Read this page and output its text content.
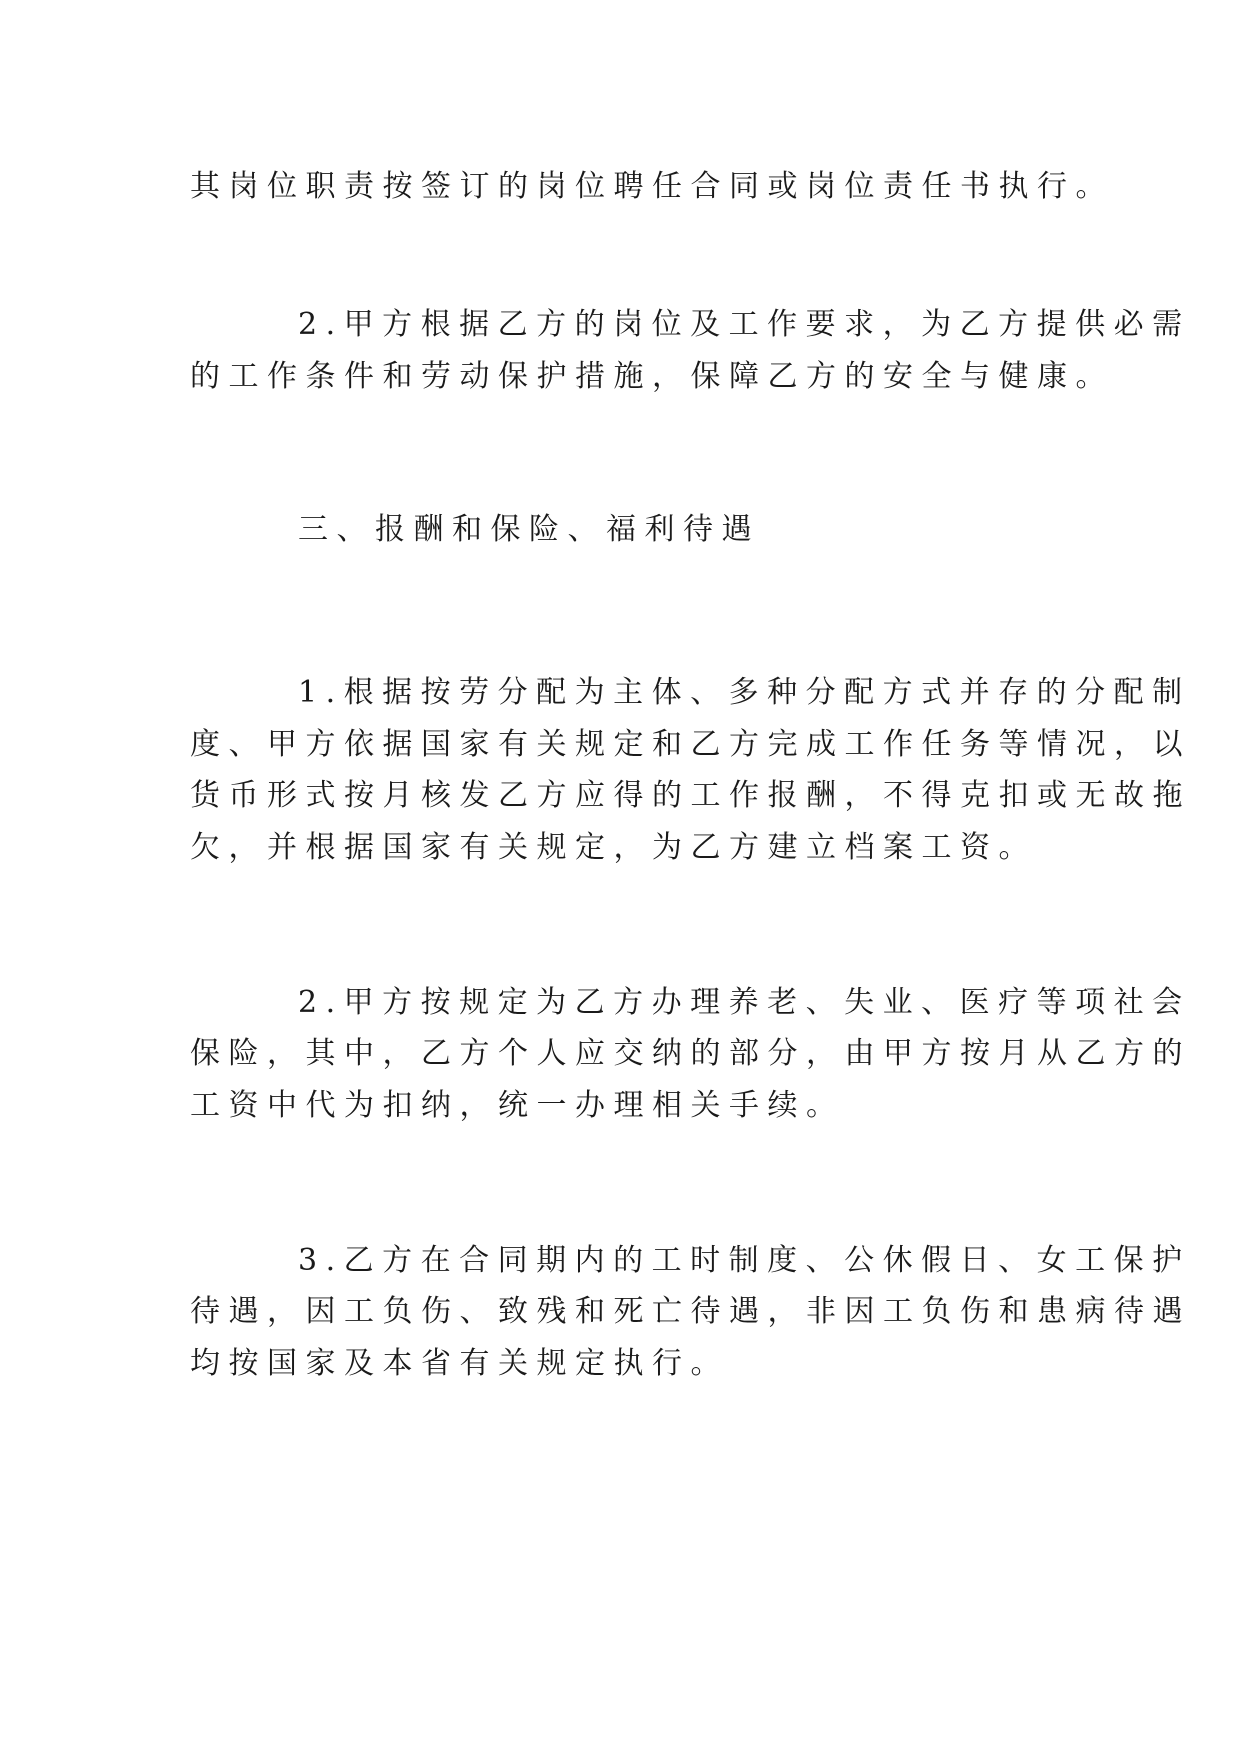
其岗位职责按签订的岗位聘任合同或岗位责任书执行。

2.甲方根据乙方的岗位及工作要求，为乙方提供必需

的工作条件和劳动保护措施，保障乙方的安全与健康。

三、报酬和保险、福利待遇

1.根据按劳分配为主体、多种分配方式并存的分配制

度、甲方依据国家有关规定和乙方完成工作任务等情况，以

货币形式按月核发乙方应得的工作报酬，不得克扣或无故拖

欠，并根据国家有关规定，为乙方建立档案工资。

2.甲方按规定为乙方办理养老、失业、医疗等项社会

保险，其中，乙方个人应交纳的部分，由甲方按月从乙方的

工资中代为扣纳，统一办理相关手续。

3.乙方在合同期内的工时制度、公休假日、女工保护

待遇，因工负伤、致残和死亡待遇，非因工负伤和患病待遇

均按国家及本省有关规定执行。
